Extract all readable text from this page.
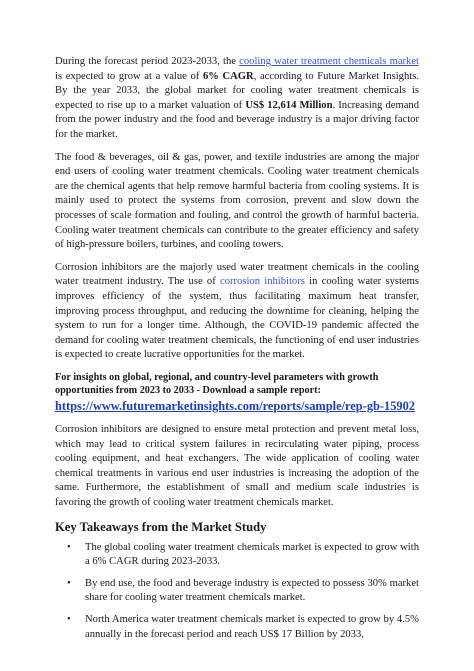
During the forecast period 2023-2033, the cooling water treatment chemicals market is expected to grow at a value of 6% CAGR, according to Future Market Insights. By the year 2033, the global market for cooling water treatment chemicals is expected to rise up to a market valuation of US$ 12,614 Million. Increasing demand from the power industry and the food and beverage industry is a major driving factor for the market.

The food & beverages, oil & gas, power, and textile industries are among the major end users of cooling water treatment chemicals. Cooling water treatment chemicals are the chemical agents that help remove harmful bacteria from cooling systems. It is mainly used to protect the systems from corrosion, prevent and slow down the processes of scale formation and fouling, and control the growth of harmful bacteria. Cooling water treatment chemicals can contribute to the greater efficiency and safety of high-pressure boilers, turbines, and cooling towers.

Corrosion inhibitors are the majorly used water treatment chemicals in the cooling water treatment industry. The use of corrosion inhibitors in cooling water systems improves efficiency of the system, thus facilitating maximum heat transfer, improving process throughput, and reducing the downtime for cleaning, helping the system to run for a longer time. Although, the COVID-19 pandemic affected the demand for cooling water treatment chemicals, the functioning of end user industries is expected to create lucrative opportunities for the market.

For insights on global, regional, and country-level parameters with growth opportunities from 2023 to 2033 - Download a sample report:
https://www.futuremarketinsights.com/reports/sample/rep-gb-15902

Corrosion inhibitors are designed to ensure metal protection and prevent metal loss, which may lead to critical system failures in recirculating water piping, process cooling equipment, and heat exchangers. The wide application of cooling water chemical treatments in various end user industries is increasing the adoption of the same. Furthermore, the establishment of small and medium scale industries is favoring the growth of cooling water treatment chemicals market.

Key Takeaways from the Market Study
• The global cooling water treatment chemicals market is expected to grow with a 6% CAGR during 2023-2033.
• By end use, the food and beverage industry is expected to possess 30% market share for cooling water treatment chemicals market.
• North America water treatment chemicals market is expected to grow by 4.5% annually in the forecast period and reach US$ 17 Billion by 2033,
